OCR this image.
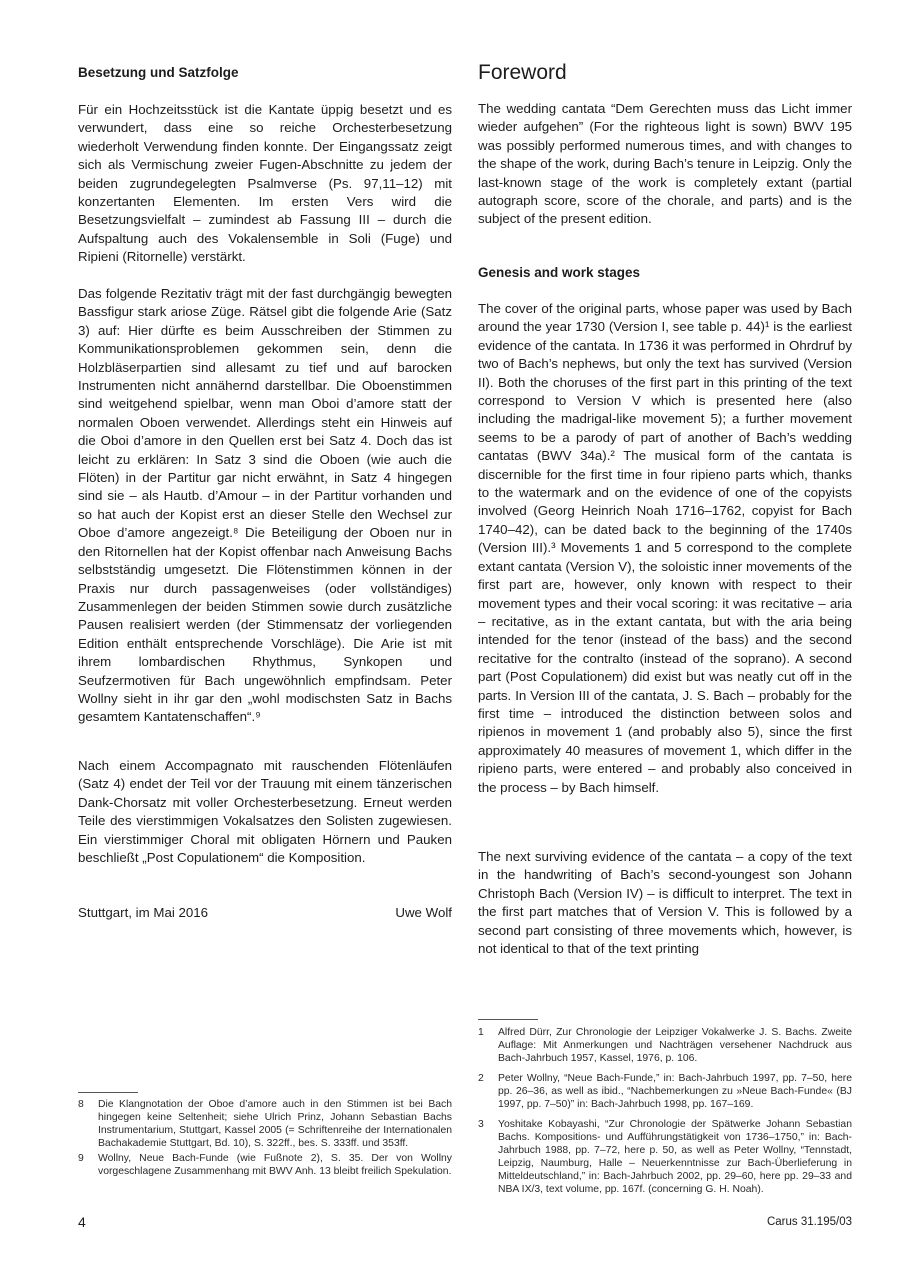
Besetzung und Satzfolge

Für ein Hochzeitsstück ist die Kantate üppig besetzt und es verwundert, dass eine so reiche Orchesterbesetzung wiederholt Verwendung finden konnte. Der Eingangssatz zeigt sich als Vermischung zweier Fugen-Abschnitte zu jedem der beiden zugrundegelegten Psalmverse (Ps. 97,11–12) mit konzertanten Elementen. Im ersten Vers wird die Besetzungsvielfalt – zumindest ab Fassung III – durch die Aufspaltung auch des Vokalensemble in Soli (Fuge) und Ripieni (Ritornelle) verstärkt.

Das folgende Rezitativ trägt mit der fast durchgängig bewegten Bassfigur stark ariose Züge. Rätsel gibt die folgende Arie (Satz 3) auf: Hier dürfte es beim Ausschreiben der Stimmen zu Kommunikationsproblemen gekommen sein, denn die Holzbläserpartien sind allesamt zu tief und auf barocken Instrumenten nicht annähernd darstellbar. Die Oboenstimmen sind weitgehend spielbar, wenn man Oboi d’amore statt der normalen Oboen verwendet. Allerdings steht ein Hinweis auf die Oboi d’amore in den Quellen erst bei Satz 4. Doch das ist leicht zu erklären: In Satz 3 sind die Oboen (wie auch die Flöten) in der Partitur gar nicht erwähnt, in Satz 4 hingegen sind sie – als Hautb. d’Amour – in der Partitur vorhanden und so hat auch der Kopist erst an dieser Stelle den Wechsel zur Oboe d’amore angezeigt.⁸ Die Beteiligung der Oboen nur in den Ritornellen hat der Kopist offenbar nach Anweisung Bachs selbstständig umgesetzt. Die Flötenstimmen können in der Praxis nur durch passagenweises (oder vollständiges) Zusammenlegen der beiden Stimmen sowie durch zusätzliche Pausen realisiert werden (der Stimmensatz der vorliegenden Edition enthält entsprechende Vorschläge). Die Arie ist mit ihrem lombardischen Rhythmus, Synkopen und Seufzermotiven für Bach ungewöhnlich empfindsam. Peter Wollny sieht in ihr gar den „wohl modischsten Satz in Bachs gesamtem Kantatenschaffen“.⁹

Nach einem Accompagnato mit rauschenden Flötenläufen (Satz 4) endet der Teil vor der Trauung mit einem tänzerischen Dank-Chorsatz mit voller Orchesterbesetzung. Erneut werden Teile des vierstimmigen Vokalsatzes den Solisten zugewiesen. Ein vierstimmiger Choral mit obligaten Hörnern und Pauken beschließt „Post Copulationem“ die Komposition.

Stuttgart, im Mai 2016	Uwe Wolf
8	Die Klangnotation der Oboe d’amore auch in den Stimmen ist bei Bach hingegen keine Seltenheit; siehe Ulrich Prinz, Johann Sebastian Bachs Instrumentarium, Stuttgart, Kassel 2005 (= Schriftenreihe der Internationalen Bachakademie Stuttgart, Bd. 10), S. 322ff., bes. S. 333ff. und 353ff.
9	Wollny, Neue Bach-Funde (wie Fußnote 2), S. 35. Der von Wollny vorgeschlagene Zusammenhang mit BWV Anh. 13 bleibt freilich Spekulation.
Foreword

The wedding cantata “Dem Gerechten muss das Licht immer wieder aufgehen” (For the righteous light is sown) BWV 195 was possibly performed numerous times, and with changes to the shape of the work, during Bach’s tenure in Leipzig. Only the last-known stage of the work is completely extant (partial autograph score, score of the chorale, and parts) and is the subject of the present edition.

Genesis and work stages

The cover of the original parts, whose paper was used by Bach around the year 1730 (Version I, see table p. 44)¹ is the earliest evidence of the cantata. In 1736 it was performed in Ohrdruf by two of Bach’s nephews, but only the text has survived (Version II). Both the choruses of the first part in this printing of the text correspond to Version V which is presented here (also including the madrigal-like movement 5); a further movement seems to be a parody of part of another of Bach’s wedding cantatas (BWV 34a).² The musical form of the cantata is discernible for the first time in four ripieno parts which, thanks to the watermark and on the evidence of one of the copyists involved (Georg Heinrich Noah 1716–1762, copyist for Bach 1740–42), can be dated back to the beginning of the 1740s (Version III).³ Movements 1 and 5 correspond to the complete extant cantata (Version V), the soloistic inner movements of the first part are, however, only known with respect to their movement types and their vocal scoring: it was recitative – aria – recitative, as in the extant cantata, but with the aria being intended for the tenor (instead of the bass) and the second recitative for the contralto (instead of the soprano). A second part (Post Copulationem) did exist but was neatly cut off in the parts. In Version III of the cantata, J. S. Bach – probably for the first time – introduced the distinction between solos and ripienos in movement 1 (and probably also 5), since the first approximately 40 measures of movement 1, which differ in the ripieno parts, were entered – and probably also conceived in the process – by Bach himself.

The next surviving evidence of the cantata – a copy of the text in the handwriting of Bach’s second-youngest son Johann Christoph Bach (Version IV) – is difficult to interpret. The text in the first part matches that of Version V. This is followed by a second part consisting of three movements which, however, is not identical to that of the text printing

1	Alfred Dürr, Zur Chronologie der Leipziger Vokalwerke J. S. Bachs. Zweite Auflage: Mit Anmerkungen und Nachträgen versehener Nachdruck aus Bach-Jahrbuch 1957, Kassel, 1976, p. 106.
2	Peter Wollny, “Neue Bach-Funde,” in: Bach-Jahrbuch 1997, pp. 7–50, here pp. 26–36, as well as ibid., “Nachbemerkungen zu »Neue Bach-Funde« (BJ 1997, pp. 7–50)” in: Bach-Jahrbuch 1998, pp. 167–169.
3	Yoshitake Kobayashi, “Zur Chronologie der Spätwerke Johann Sebastian Bachs. Kompositions- und Aufführungstätigkeit von 1736–1750,” in: Bach-Jahrbuch 1988, pp. 7–72, here p. 50, as well as Peter Wollny, “Tennstadt, Leipzig, Naumburg, Halle – Neuerkenntnisse zur Bach-Überlieferung in Mitteldeutschland,” in: Bach-Jahrbuch 2002, pp. 29–60, here pp. 29–33 and NBA IX/3, text volume, pp. 167f. (concerning G. H. Noah).
4	Carus 31.195/03
